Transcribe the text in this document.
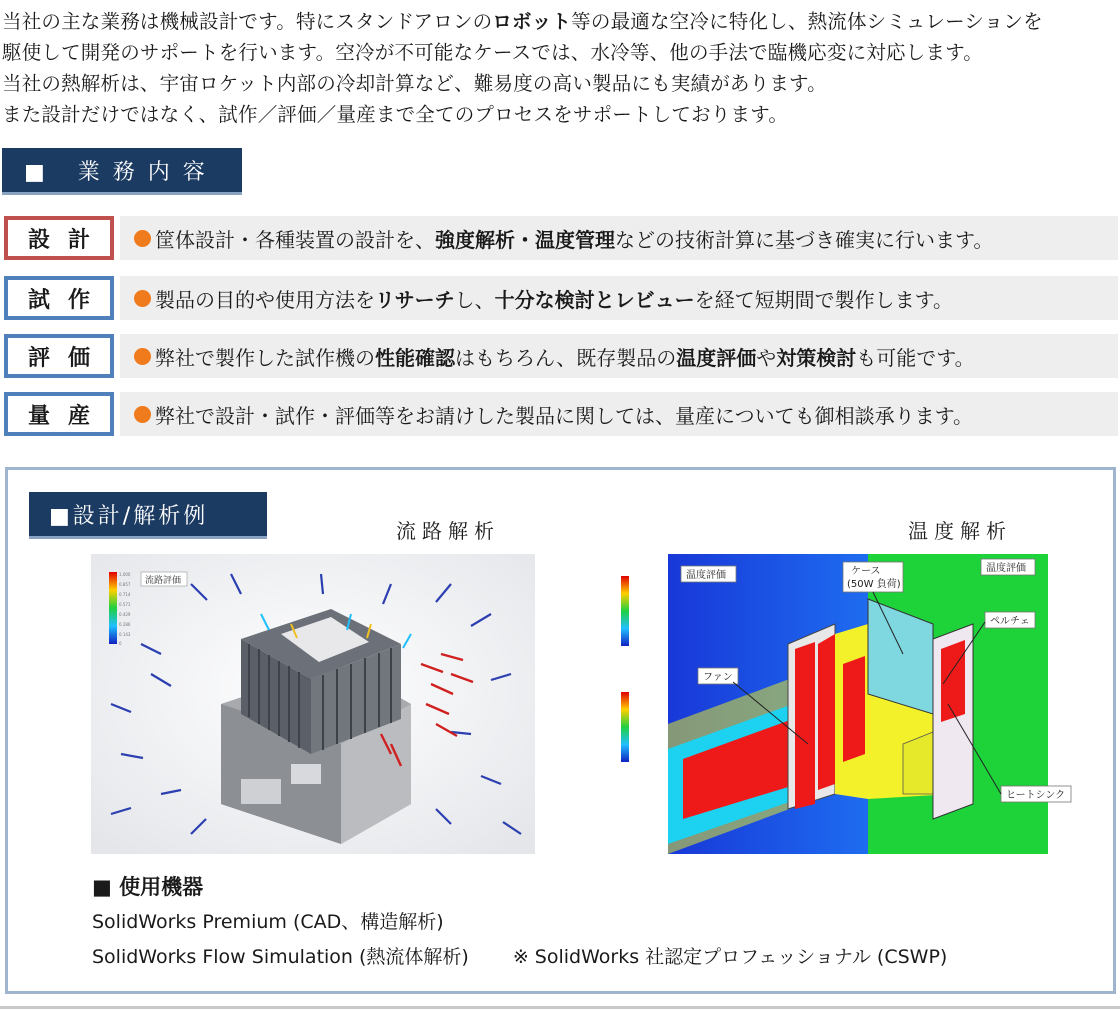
当社の主な業務は機械設計です。特にスタンドアロンのロボット等の最適な空冷に特化し、熱流体シミュレーションを

駆使して開発のサポートを行います。空冷が不可能なケースでは、水冷等、他の手法で臨機応変に対応します。

当社の熱解析は、宇宙ロケット内部の冷却計算など、難易度の高い製品にも実績があります。

また設計だけではなく、試作／評価／量産まで全てのプロセスをサポートしております。

■ 業務内容
設 計	筐体設計・各種装置の設計を、 強度解析・温度管理 などの技術計算に基づき確実に行います。
試 作	製品の目的や使用方法を リサーチ し、 十分な検討とレビュー を経て短期間で製作します。
評 価	弊社で製作した試作機の 性能確認 はもちろん、既存製品の 温度評価 や 対策検討 も可能です。
量 産	弊社で設計・試作・評価等をお請けした製品に関しては、量産についても御相談承ります。
■設計/解析例
流路解析	温度解析
1.000
0.857
0.714
0.571
0.429
0.286
0.143
0
流路評価	温度評価
温度評価
ケース
(50W 負荷)
ペルチェ
ファン
ヒートシンク
■ 使用機器
SolidWorks Premium (CAD、構造解析)
SolidWorks Flow Simulation (熱流体解析) ※ SolidWorks 社認定プロフェッショナル (CSWP)
